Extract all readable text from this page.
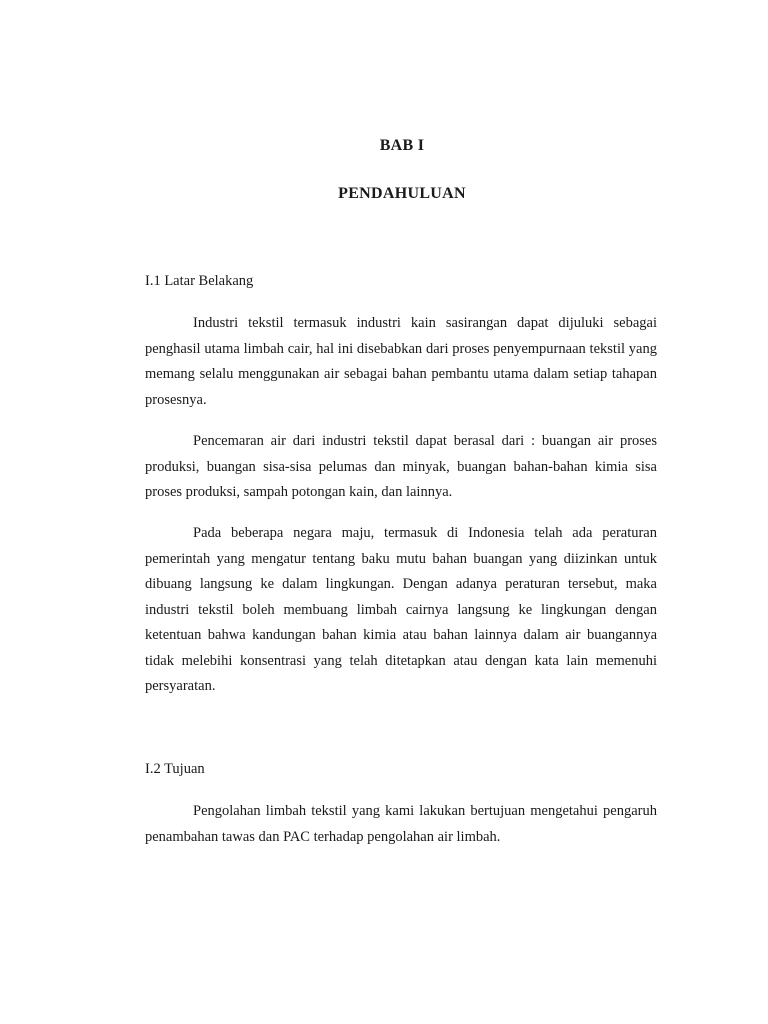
BAB I
PENDAHULUAN
I.1 Latar Belakang

Industri tekstil termasuk industri kain sasirangan dapat dijuluki sebagai penghasil utama limbah cair, hal ini disebabkan dari proses penyempurnaan tekstil yang memang selalu menggunakan air sebagai bahan pembantu utama dalam setiap tahapan prosesnya.

Pencemaran air dari industri tekstil dapat berasal dari : buangan air proses produksi, buangan sisa-sisa pelumas dan minyak, buangan bahan-bahan kimia sisa proses produksi, sampah potongan kain, dan lainnya.

Pada beberapa negara maju, termasuk di Indonesia telah ada peraturan pemerintah yang mengatur tentang baku mutu bahan buangan yang diizinkan untuk dibuang langsung ke dalam lingkungan. Dengan adanya peraturan tersebut, maka industri tekstil boleh membuang limbah cairnya langsung ke lingkungan dengan ketentuan bahwa kandungan bahan kimia atau bahan lainnya dalam air buangannya tidak melebihi konsentrasi yang telah ditetapkan atau dengan kata lain memenuhi persyaratan.

I.2 Tujuan

Pengolahan limbah tekstil yang kami lakukan bertujuan mengetahui pengaruh penambahan tawas dan PAC terhadap pengolahan air limbah.
